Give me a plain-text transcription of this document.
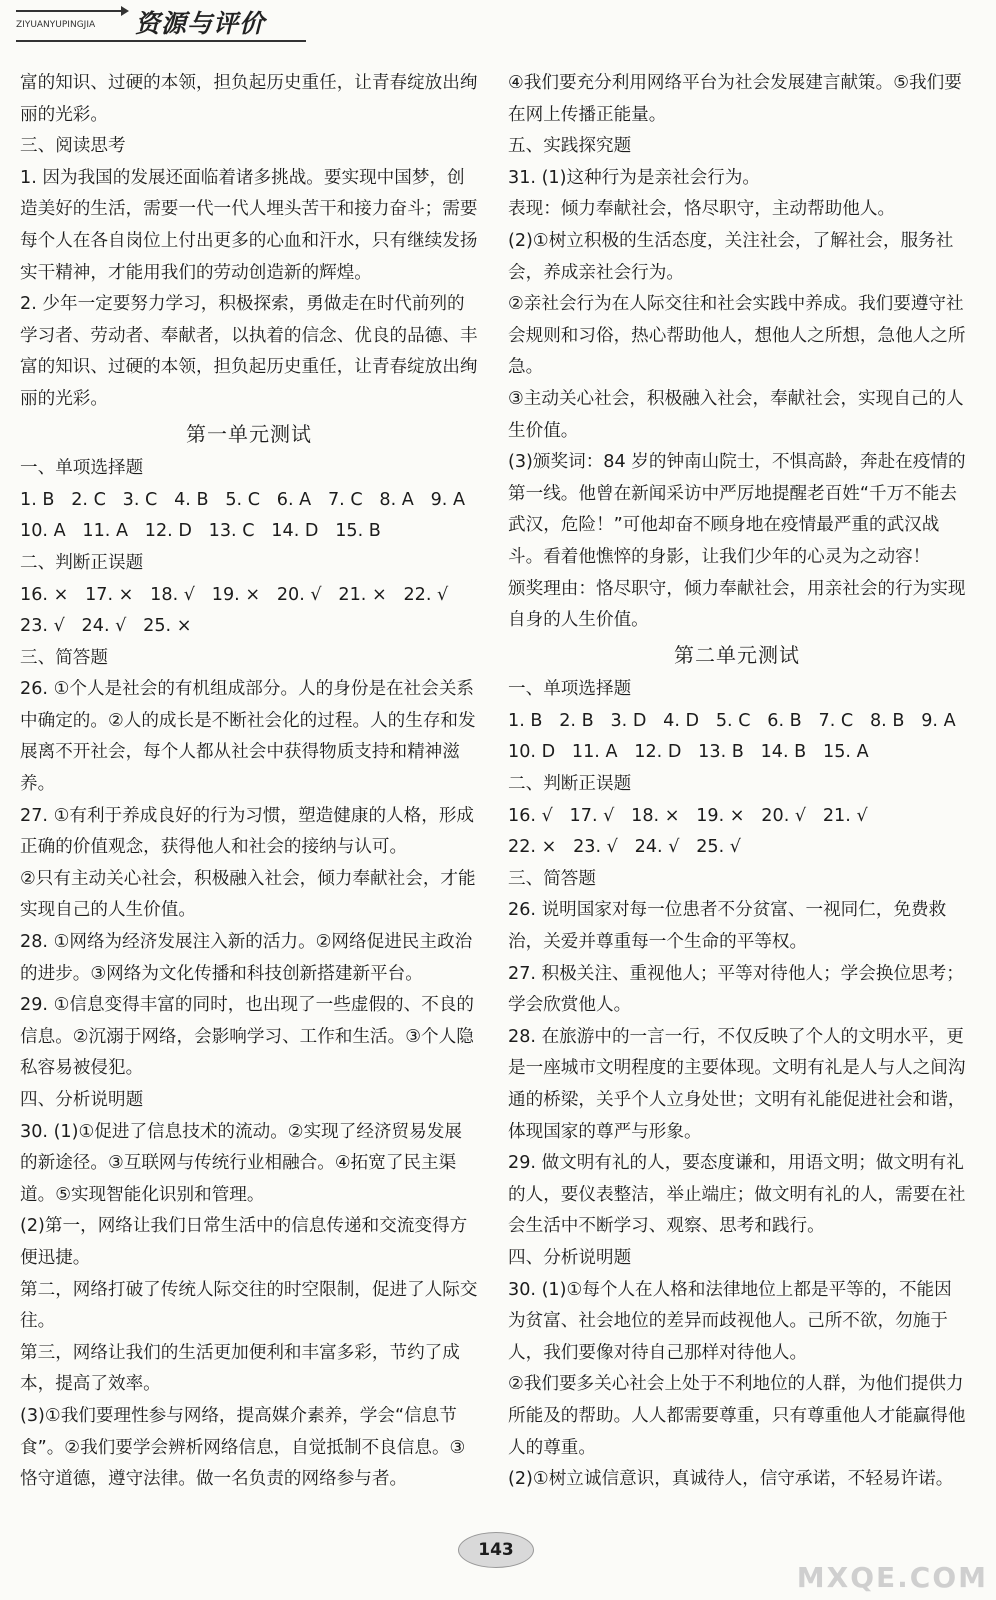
ZIYUANYUPINGJIA 资源与评价
富的知识、过硬的本领，担负起历史重任，让青春绽放出绚丽的光彩。
三、阅读思考
1. 因为我国的发展还面临着诸多挑战。要实现中国梦，创造美好的生活，需要一代一代人埋头苦干和接力奋斗；需要每个人在各自岗位上付出更多的心血和汗水，只有继续发扬实干精神，才能用我们的劳动创造新的辉煌。
2. 少年一定要努力学习，积极探索，勇做走在时代前列的学习者、劳动者、奉献者，以执着的信念、优良的品德、丰富的知识、过硬的本领，担负起历史重任，让青春绽放出绚丽的光彩。
第一单元测试
一、单项选择题
1. B   2. C   3. C   4. B   5. C   6. A   7. C   8. A   9. A
10. A   11. A   12. D   13. C   14. D   15. B
二、判断正误题
16. ×   17. ×   18. √   19. ×   20. √   21. ×   22. √
23. √   24. √   25. ×
三、简答题
26. ①个人是社会的有机组成部分。人的身份是在社会关系中确定的。②人的成长是不断社会化的过程。人的生存和发展离不开社会，每个人都从社会中获得物质支持和精神滋养。
27. ①有利于养成良好的行为习惯，塑造健康的人格，形成正确的价值观念，获得他人和社会的接纳与认可。
②只有主动关心社会，积极融入社会，倾力奉献社会，才能实现自己的人生价值。
28. ①网络为经济发展注入新的活力。②网络促进民主政治的进步。③网络为文化传播和科技创新搭建新平台。
29. ①信息变得丰富的同时，也出现了一些虚假的、不良的信息。②沉溺于网络，会影响学习、工作和生活。③个人隐私容易被侵犯。
四、分析说明题
30. (1)①促进了信息技术的流动。②实现了经济贸易发展的新途径。③互联网与传统行业相融合。④拓宽了民主渠道。⑤实现智能化识别和管理。
(2)第一，网络让我们日常生活中的信息传递和交流变得方便迅捷。
第二，网络打破了传统人际交往的时空限制，促进了人际交往。
第三，网络让我们的生活更加便利和丰富多彩，节约了成本，提高了效率。
(3)①我们要理性参与网络，提高媒介素养，学会“信息节食”。②我们要学会辨析网络信息，自觉抵制不良信息。③恪守道德，遵守法律。做一名负责的网络参与者。
④我们要充分利用网络平台为社会发展建言献策。⑤我们要在网上传播正能量。
五、实践探究题
31. (1)这种行为是亲社会行为。
表现：倾力奉献社会，恪尽职守，主动帮助他人。
(2)①树立积极的生活态度，关注社会，了解社会，服务社会，养成亲社会行为。
②亲社会行为在人际交往和社会实践中养成。我们要遵守社会规则和习俗，热心帮助他人，想他人之所想，急他人之所急。
③主动关心社会，积极融入社会，奉献社会，实现自己的人生价值。
(3)颁奖词：84 岁的钟南山院士，不惧高龄，奔赴在疫情的第一线。他曾在新闻采访中严厉地提醒老百姓“千万不能去武汉，危险！”可他却奋不顾身地在疫情最严重的武汉战斗。看着他憔悴的身影，让我们少年的心灵为之动容！
颁奖理由：恪尽职守，倾力奉献社会，用亲社会的行为实现自身的人生价值。
第二单元测试
一、单项选择题
1. B   2. B   3. D   4. D   5. C   6. B   7. C   8. B   9. A
10. D   11. A   12. D   13. B   14. B   15. A
二、判断正误题
16. √   17. √   18. ×   19. ×   20. √   21. √
22. ×   23. √   24. √   25. √
三、简答题
26. 说明国家对每一位患者不分贫富、一视同仁，免费救治，关爱并尊重每一个生命的平等权。
27. 积极关注、重视他人；平等对待他人；学会换位思考；学会欣赏他人。
28. 在旅游中的一言一行，不仅反映了个人的文明水平，更是一座城市文明程度的主要体现。文明有礼是人与人之间沟通的桥梁，关乎个人立身处世；文明有礼能促进社会和谐，体现国家的尊严与形象。
29. 做文明有礼的人，要态度谦和，用语文明；做文明有礼的人，要仪表整洁，举止端庄；做文明有礼的人，需要在社会生活中不断学习、观察、思考和践行。
四、分析说明题
30. (1)①每个人在人格和法律地位上都是平等的，不能因为贫富、社会地位的差异而歧视他人。己所不欲，勿施于人，我们要像对待自己那样对待他人。
②我们要多关心社会上处于不利地位的人群，为他们提供力所能及的帮助。人人都需要尊重，只有尊重他人才能赢得他人的尊重。
(2)①树立诚信意识，真诚待人，信守承诺，不轻易许诺。
143
MXQE.COM
